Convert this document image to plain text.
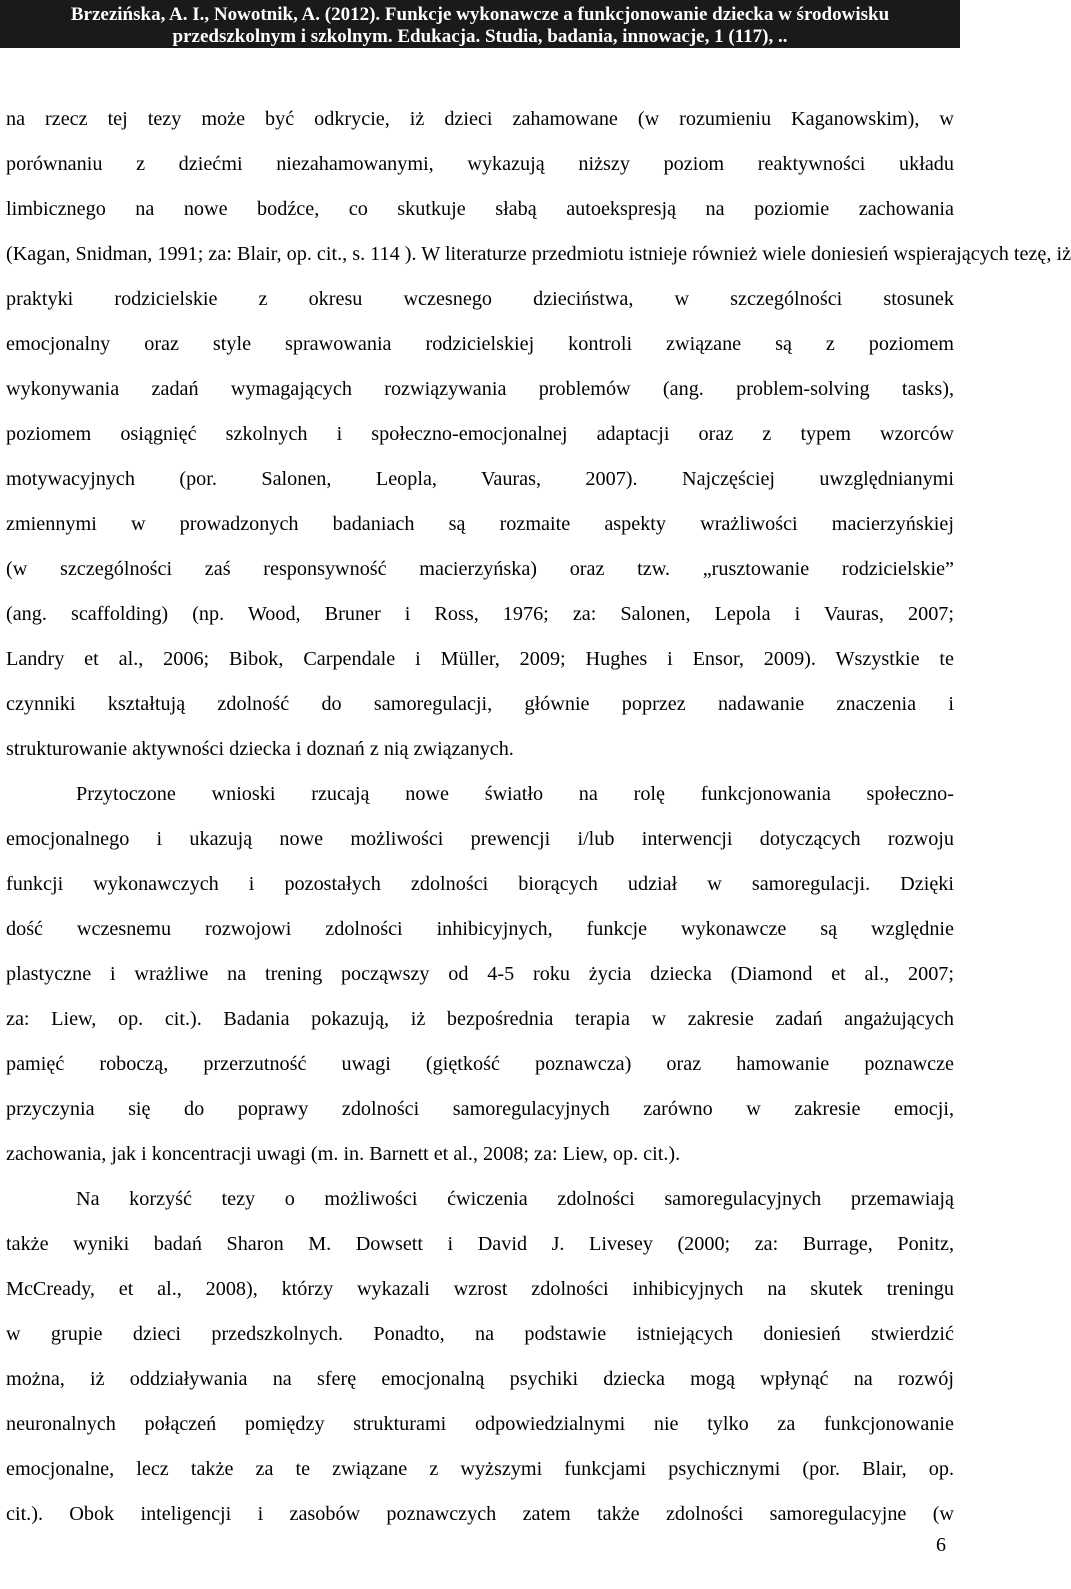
Brzezińska, A. I., Nowotnik, A. (2012). Funkcje wykonawcze a funkcjonowanie dziecka w środowisku
przedszkolnym i szkolnym. Edukacja. Studia, badania, innowacje, 1 (117), ..
na rzecz tej tezy może być odkrycie, iż dzieci zahamowane (w rozumieniu Kaganowskim), w
porównaniu z dziećmi niezahamowanymi, wykazują niższy poziom reaktywności układu
limbicznego na nowe bodźce, co skutkuje słabą autoekspresją na poziomie zachowania
(Kagan, Snidman, 1991; za: Blair, op. cit., s. 114 ). W literaturze przedmiotu istnieje również wiele doniesień wspierających tezę, iż
praktyki rodzicielskie z okresu wczesnego dzieciństwa, w szczególności stosunek
emocjonalny oraz style sprawowania rodzicielskiej kontroli związane są z poziomem
wykonywania zadań wymagających rozwiązywania problemów (ang. problem-solving tasks),
poziomem osiągnięć szkolnych i społeczno-emocjonalnej adaptacji oraz z typem wzorców
motywacyjnych (por. Salonen, Leopla, Vauras, 2007). Najczęściej uwzględnianymi
zmiennymi w prowadzonych badaniach są rozmaite aspekty wrażliwości macierzyńskiej
(w szczególności zaś responsywność macierzyńska) oraz tzw. „rusztowanie rodzicielskie”
(ang. scaffolding) (np. Wood, Bruner i Ross, 1976; za: Salonen, Lepola i Vauras, 2007;
Landry et al., 2006; Bibok, Carpendale i Müller, 2009; Hughes i Ensor, 2009). Wszystkie te
czynniki kształtują zdolność do samoregulacji, głównie poprzez nadawanie znaczenia i
strukturowanie aktywności dziecka i doznań z nią związanych.
Przytoczone wnioski rzucają nowe światło na rolę funkcjonowania społeczno-
emocjonalnego i ukazują nowe możliwości prewencji i/lub interwencji dotyczących rozwoju
funkcji wykonawczych i pozostałych zdolności biorących udział w samoregulacji. Dzięki
dość wczesnemu rozwojowi zdolności inhibicyjnych, funkcje wykonawcze są względnie
plastyczne i wrażliwe na trening począwszy od 4-5 roku życia dziecka (Diamond et al., 2007;
za: Liew, op. cit.). Badania pokazują, iż bezpośrednia terapia w zakresie zadań angażujących
pamięć roboczą, przerzutność uwagi (giętkość poznawcza) oraz hamowanie poznawcze
przyczynia się do poprawy zdolności samoregulacyjnych zarówno w zakresie emocji,
zachowania, jak i koncentracji uwagi (m. in. Barnett et al., 2008; za: Liew, op. cit.).
Na korzyść tezy o możliwości ćwiczenia zdolności samoregulacyjnych przemawiają
także wyniki badań Sharon M. Dowsett i David J. Livesey (2000; za: Burrage, Ponitz,
McCready, et al., 2008), którzy wykazali wzrost zdolności inhibicyjnych na skutek treningu
w grupie dzieci przedszkolnych. Ponadto, na podstawie istniejących doniesień stwierdzić
można, iż oddziaływania na sferę emocjonalną psychiki dziecka mogą wpłynąć na rozwój
neuronalnych połączeń pomiędzy strukturami odpowiedzialnymi nie tylko za funkcjonowanie
emocjonalne, lecz także za te związane z wyższymi funkcjami psychicznymi (por. Blair, op.
cit.). Obok inteligencji i zasobów poznawczych zatem także zdolności samoregulacyjne (w
6
